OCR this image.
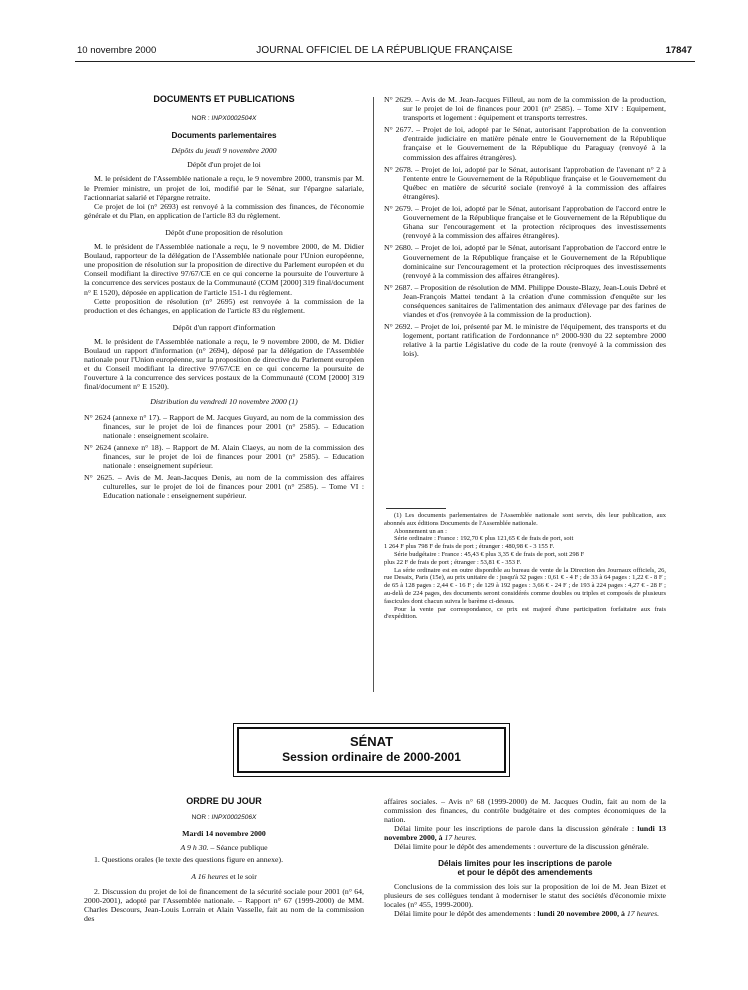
10 novembre 2000	JOURNAL OFFICIEL DE LA RÉPUBLIQUE FRANÇAISE	17847
DOCUMENTS ET PUBLICATIONS
NOR : INPX0002504X
Documents parlementaires
Dépôts du jeudi 9 novembre 2000
Dépôt d'un projet de loi

M. le président de l'Assemblée nationale a reçu, le 9 novembre 2000, transmis par M. le Premier ministre, un projet de loi, modifié par le Sénat, sur l'épargne salariale, l'actionnariat salarié et l'épargne retraite.

Ce projet de loi (n° 2693) est renvoyé à la commission des finances, de l'économie générale et du Plan, en application de l'article 83 du règlement.

Dépôt d'une proposition de résolution

M. le président de l'Assemblée nationale a reçu, le 9 novembre 2000, de M. Didier Boulaud, rapporteur de la délégation de l'Assemblée nationale pour l'Union européenne, une proposition de résolution sur la proposition de directive du Parlement européen et du Conseil modifiant la directive 97/67/CE en ce qui concerne la poursuite de l'ouverture à la concurrence des services postaux de la Communauté (COM [2000] 319 final/document n° E 1520), déposée en application de l'article 151-1 du règlement.

Cette proposition de résolution (n° 2695) est renvoyée à la commission de la production et des échanges, en application de l'article 83 du règlement.

Dépôt d'un rapport d'information

M. le président de l'Assemblée nationale a reçu, le 9 novembre 2000, de M. Didier Boulaud un rapport d'information (n° 2694), déposé par la délégation de l'Assemblée nationale pour l'Union européenne, sur la proposition de directive du Parlement européen et du Conseil modifiant la directive 97/67/CE en ce qui concerne la poursuite de l'ouverture à la concurrence des services postaux de la Communauté (COM [2000] 319 final/document n° E 1520).

Distribution du vendredi 10 novembre 2000 (1)

N° 2624 (annexe n° 17). – Rapport de M. Jacques Guyard, au nom de la commission des finances, sur le projet de loi de finances pour 2001 (n° 2585). – Education nationale : enseignement scolaire.

N° 2624 (annexe n° 18). – Rapport de M. Alain Claeys, au nom de la commission des finances, sur le projet de loi de finances pour 2001 (n° 2585). – Education nationale : enseignement supérieur.

N° 2625. – Avis de M. Jean-Jacques Denis, au nom de la commission des affaires culturelles, sur le projet de loi de finances pour 2001 (n° 2585). – Tome VI : Education nationale : enseignement supérieur.

N° 2629. – Avis de M. Jean-Jacques Filleul, au nom de la commission de la production, sur le projet de loi de finances pour 2001 (n° 2585). – Tome XIV : Equipement, transports et logement : équipement et transports terrestres.

N° 2677. – Projet de loi, adopté par le Sénat, autorisant l'approbation de la convention d'entraide judiciaire en matière pénale entre le Gouvernement de la République française et le Gouvernement de la République du Paraguay (renvoyé à la commission des affaires étrangères).

N° 2678. – Projet de loi, adopté par le Sénat, autorisant l'approbation de l'avenant n° 2 à l'entente entre le Gouvernement de la République française et le Gouvernement du Québec en matière de sécurité sociale (renvoyé à la commission des affaires étrangères).

N° 2679. – Projet de loi, adopté par le Sénat, autorisant l'approbation de l'accord entre le Gouvernement de la République française et le Gouvernement de la République du Ghana sur l'encouragement et la protection réciproques des investissements (renvoyé à la commission des affaires étrangères).

N° 2680. – Projet de loi, adopté par le Sénat, autorisant l'approbation de l'accord entre le Gouvernement de la République française et le Gouvernement de la République dominicaine sur l'encouragement et la protection réciproques des investissements (renvoyé à la commission des affaires étrangères).

N° 2687. – Proposition de résolution de MM. Philippe Douste-Blazy, Jean-Louis Debré et Jean-François Mattei tendant à la création d'une commission d'enquête sur les conséquences sanitaires de l'alimentation des animaux d'élevage par des farines de viandes et d'os (renvoyée à la commission de la production).

N° 2692. – Projet de loi, présenté par M. le ministre de l'équipement, des transports et du logement, portant ratification de l'ordonnance n° 2000-930 du 22 septembre 2000 relative à la partie Législative du code de la route (renvoyé à la commission des lois).

(1) Les documents parlementaires de l'Assemblée nationale sont servis, dès leur publication, aux abonnés aux éditions Documents de l'Assemblée nationale.

Abonnement un an :

Série ordinaire : France : 192,70 € plus 121,65 € de frais de port, soit

1 264 F plus 798 F de frais de port ; étranger : 480,98 € - 3 155 F.

Série budgétaire : France : 45,43 € plus 3,35 € de frais de port, soit 298 F

plus 22 F de frais de port ; étranger : 53,81 € - 353 F.

La série ordinaire est en outre disponible au bureau de vente de la Direction des Journaux officiels, 26, rue Desaix, Paris (15e), au prix unitaire de : jusqu'à 32 pages : 0,61 € - 4 F ; de 33 à 64 pages : 1,22 € - 8 F ; de 65 à 128 pages : 2,44 € - 16 F ; de 129 à 192 pages : 3,66 € - 24 F ; de 193 à 224 pages : 4,27 € - 28 F ; au-delà de 224 pages, des documents seront considérés comme doubles ou triples et composés de plusieurs fascicules dont chacun suivra le barème ci-dessus.

Pour la vente par correspondance, ce prix est majoré d'une participation forfaitaire aux frais d'expédition.

SÉNAT
Session ordinaire de 2000-2001
ORDRE DU JOUR
NOR : INPX0002506X
Mardi 14 novembre 2000
A 9 h 30. – Séance publique

1. Questions orales (le texte des questions figure en annexe).

A 16 heures et le soir

2. Discussion du projet de loi de financement de la sécurité sociale pour 2001 (n° 64, 2000-2001), adopté par l'Assemblée nationale. – Rapport n° 67 (1999-2000) de MM. Charles Descours, Jean-Louis Lorrain et Alain Vasselle, fait au nom de la commission des

affaires sociales. – Avis n° 68 (1999-2000) de M. Jacques Oudin, fait au nom de la commission des finances, du contrôle budgétaire et des comptes économiques de la nation.

Délai limite pour les inscriptions de parole dans la discussion générale : lundi 13 novembre 2000, à 17 heures.

Délai limite pour le dépôt des amendements : ouverture de la discussion générale.

Délais limites pour les inscriptions de parole
et pour le dépôt des amendements

Conclusions de la commission des lois sur la proposition de loi de M. Jean Bizet et plusieurs de ses collègues tendant à moderniser le statut des sociétés d'économie mixte locales (n° 455, 1999-2000).

Délai limite pour le dépôt des amendements : lundi 20 novembre 2000, à 17 heures.
